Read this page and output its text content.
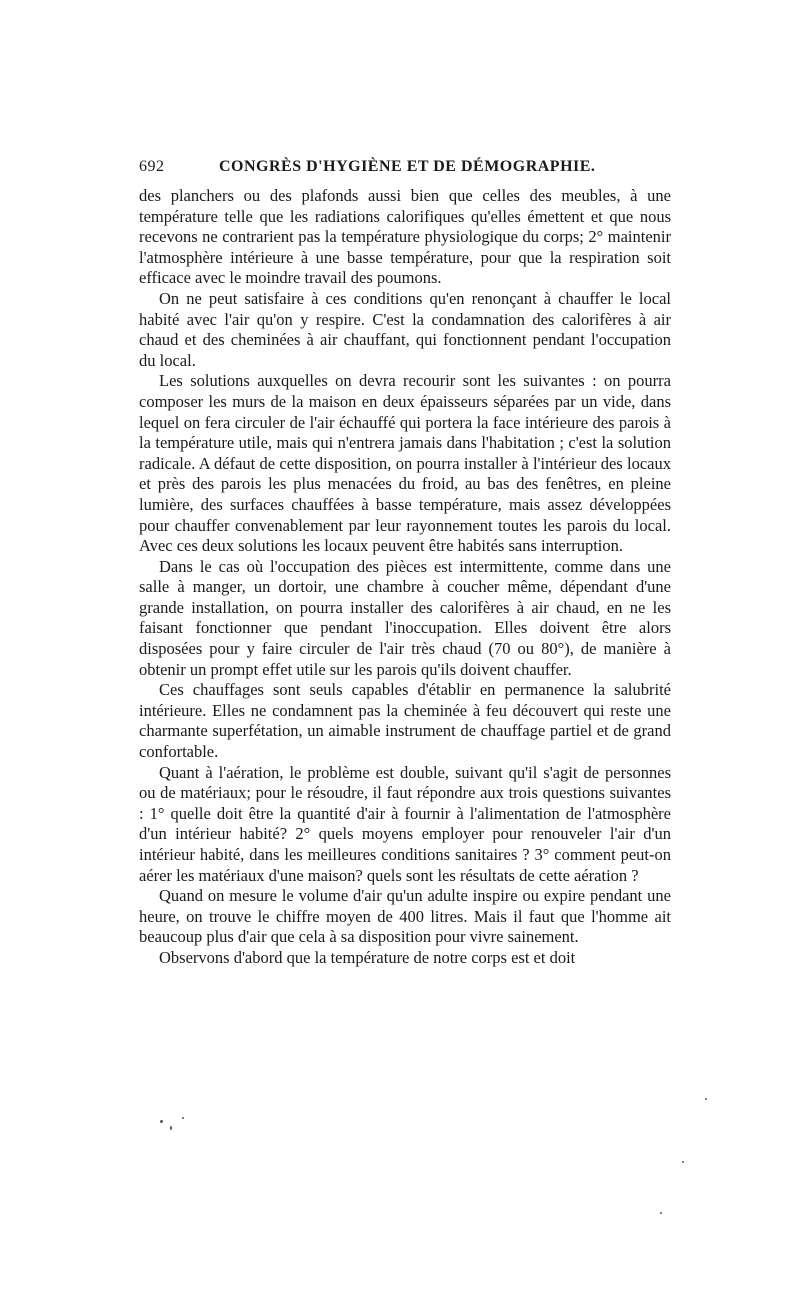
692	CONGRÈS D'HYGIÈNE ET DE DÉMOGRAPHIE.

des planchers ou des plafonds aussi bien que celles des meubles, à une température telle que les radiations calorifiques qu'elles émettent et que nous recevons ne contrarient pas la température physiologique du corps; 2° maintenir l'atmosphère intérieure à une basse température, pour que la respiration soit efficace avec le moindre travail des poumons.

On ne peut satisfaire à ces conditions qu'en renonçant à chauffer le local habité avec l'air qu'on y respire. C'est la condamnation des calorifères à air chaud et des cheminées à air chauffant, qui fonctionnent pendant l'occupation du local.

Les solutions auxquelles on devra recourir sont les suivantes : on pourra composer les murs de la maison en deux épaisseurs séparées par un vide, dans lequel on fera circuler de l'air échauffé qui portera la face intérieure des parois à la température utile, mais qui n'entrera jamais dans l'habitation ; c'est la solution radicale. A défaut de cette disposition, on pourra installer à l'intérieur des locaux et près des parois les plus menacées du froid, au bas des fenêtres, en pleine lumière, des surfaces chauffées à basse température, mais assez développées pour chauffer convenablement par leur rayonnement toutes les parois du local. Avec ces deux solutions les locaux peuvent être habités sans interruption.

Dans le cas où l'occupation des pièces est intermittente, comme dans une salle à manger, un dortoir, une chambre à coucher même, dépendant d'une grande installation, on pourra installer des calorifères à air chaud, en ne les faisant fonctionner que pendant l'inoccupation. Elles doivent être alors disposées pour y faire circuler de l'air très chaud (70 ou 80°), de manière à obtenir un prompt effet utile sur les parois qu'ils doivent chauffer.

Ces chauffages sont seuls capables d'établir en permanence la salubrité intérieure. Elles ne condamnent pas la cheminée à feu découvert qui reste une charmante superfétation, un aimable instrument de chauffage partiel et de grand confortable.

Quant à l'aération, le problème est double, suivant qu'il s'agit de personnes ou de matériaux; pour le résoudre, il faut répondre aux trois questions suivantes : 1° quelle doit être la quantité d'air à fournir à l'alimentation de l'atmosphère d'un intérieur habité? 2° quels moyens employer pour renouveler l'air d'un intérieur habité, dans les meilleures conditions sanitaires ? 3° comment peut-on aérer les matériaux d'une maison? quels sont les résultats de cette aération ?

Quand on mesure le volume d'air qu'un adulte inspire ou expire pendant une heure, on trouve le chiffre moyen de 400 litres. Mais il faut que l'homme ait beaucoup plus d'air que cela à sa disposition pour vivre sainement.

Observons d'abord que la température de notre corps est et doit
